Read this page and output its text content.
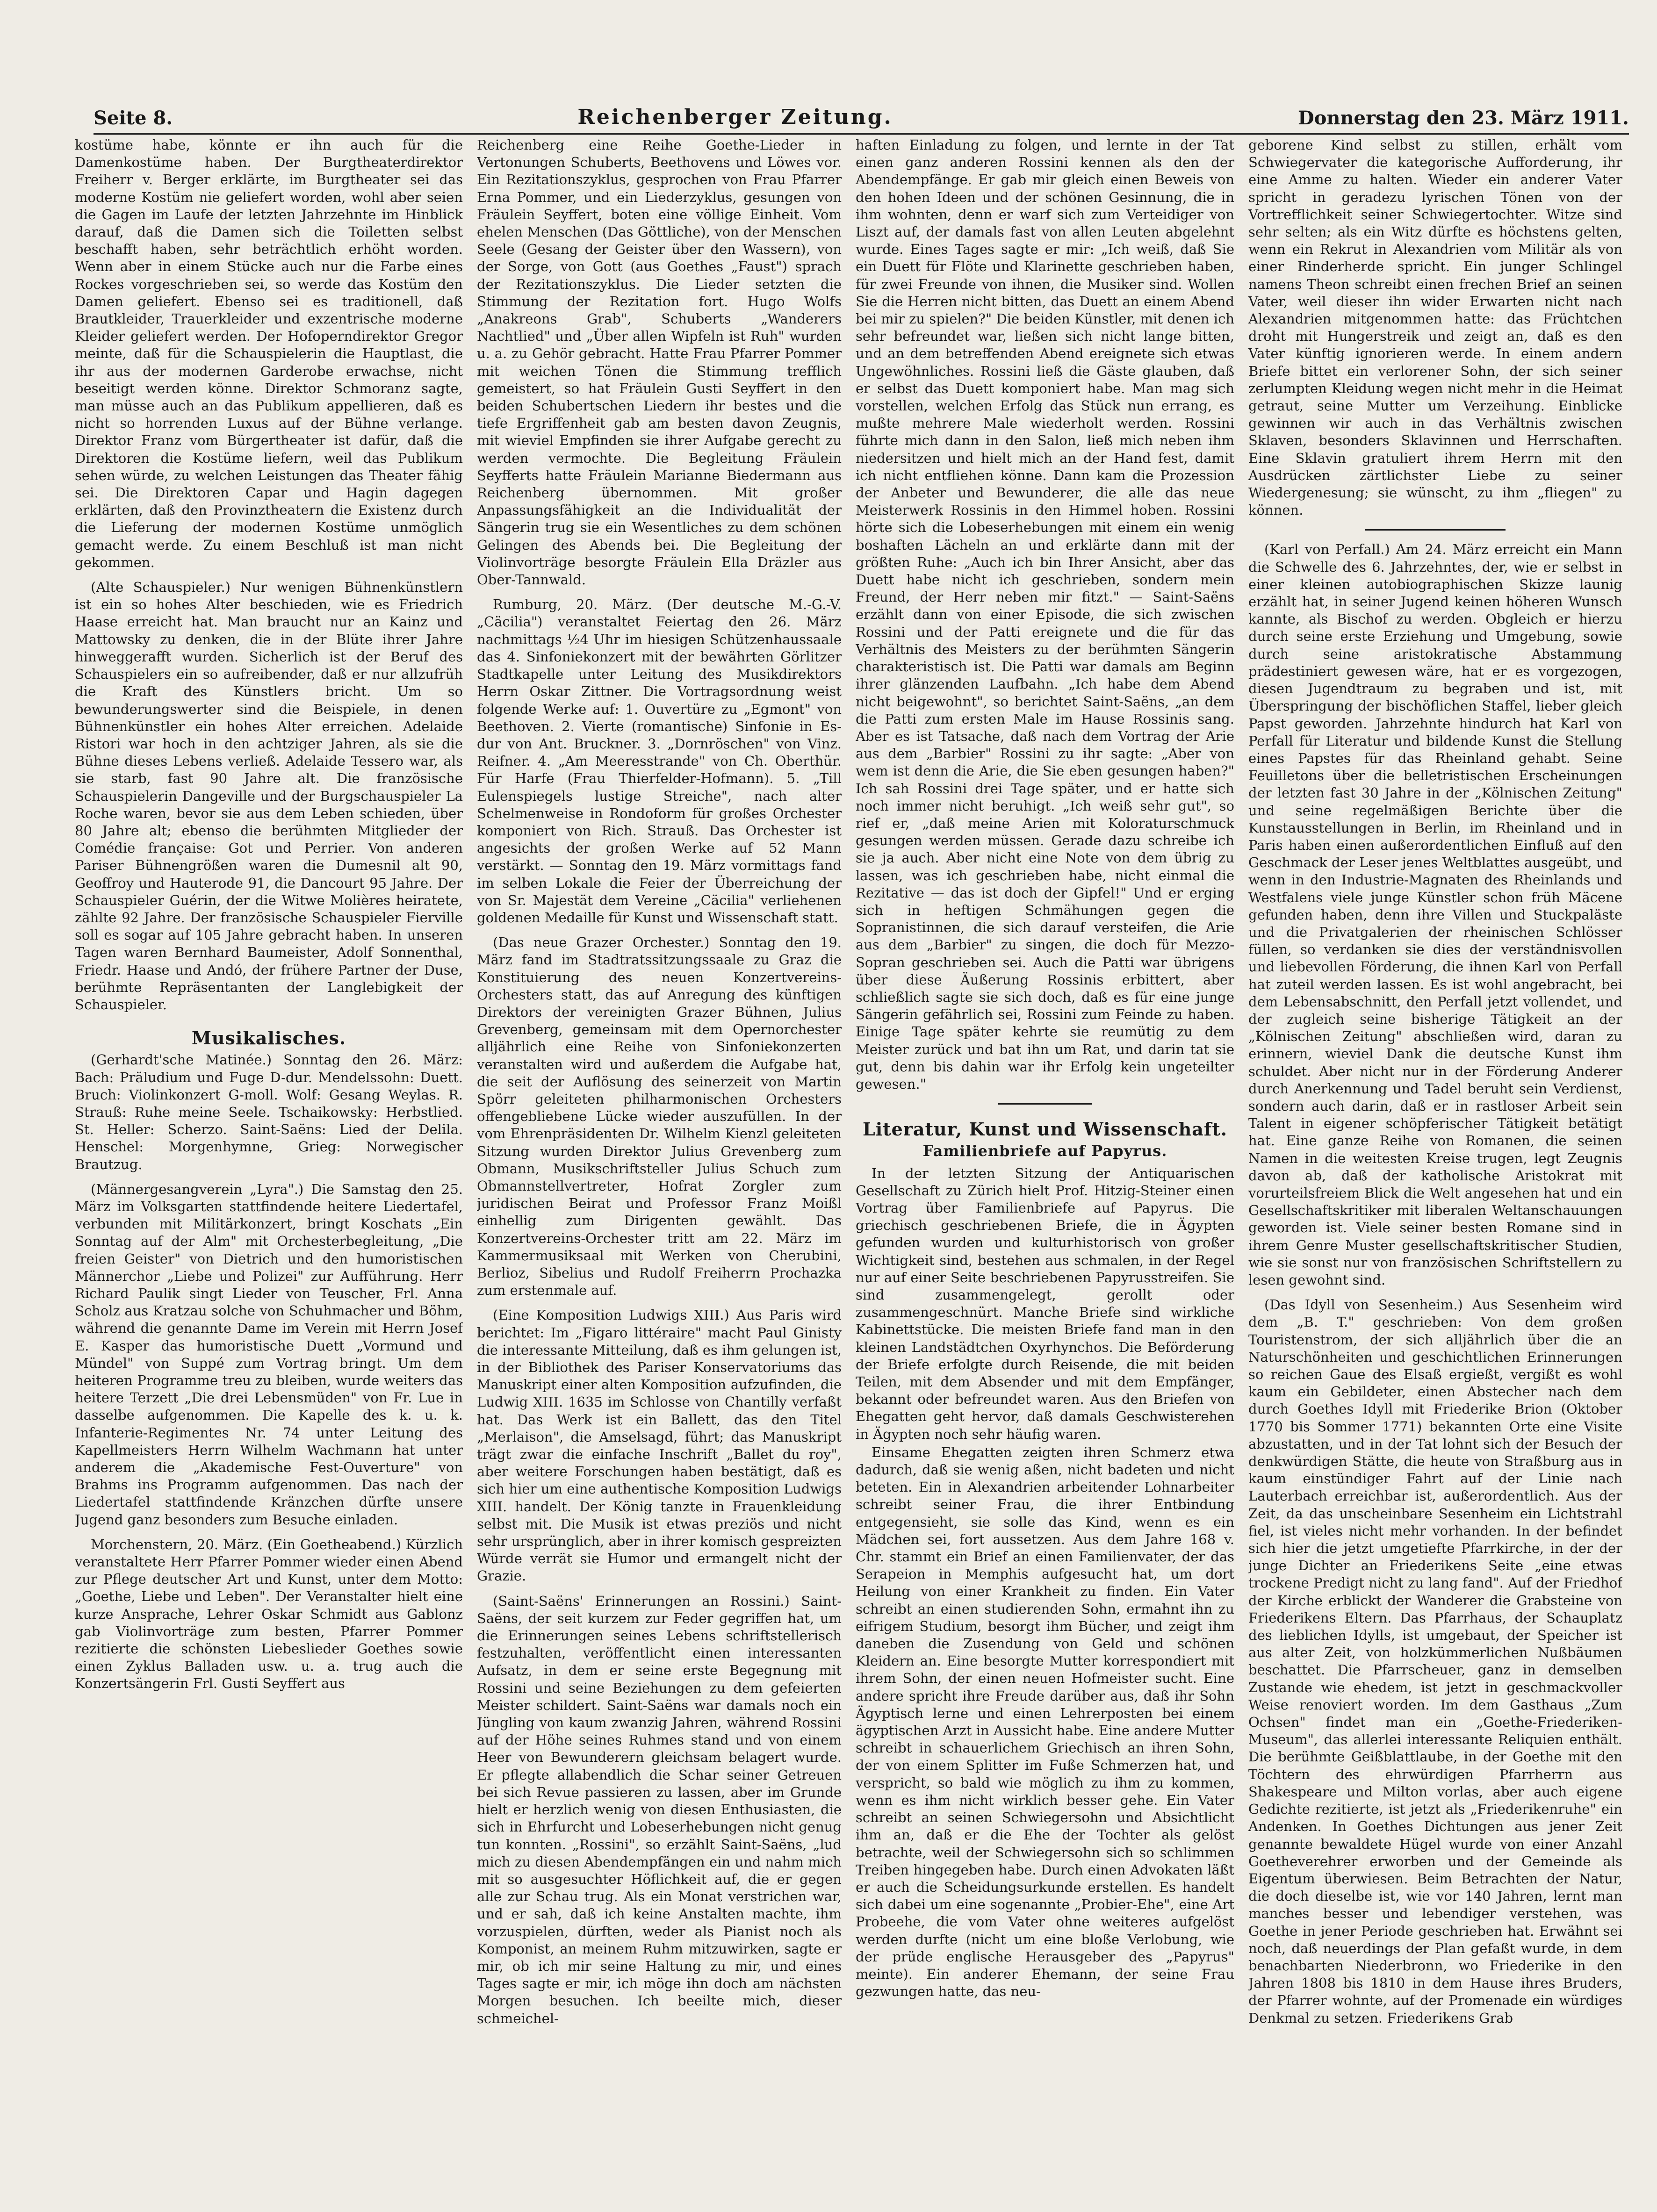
Seite 8.	Reichenberger Zeitung.	Donnerstag den 23. März 1911.

kostüme habe, könnte er ihn auch für die Damenkostüme haben. Der Burgtheaterdirektor Freiherr v. Berger erklärte, im Burgtheater sei das moderne Kostüm nie geliefert worden, wohl aber seien die Gagen im Laufe der letzten Jahrzehnte im Hinblick darauf, daß die Damen sich die Toiletten selbst beschafft haben, sehr beträchtlich erhöht worden. Wenn aber in einem Stücke auch nur die Farbe eines Rockes vorgeschrieben sei, so werde das Kostüm den Damen geliefert. Ebenso sei es traditionell, daß Brautkleider, Trauerkleider und exzentrische moderne Kleider geliefert werden. Der Hofoperndirektor Gregor meinte, daß für die Schauspielerin die Hauptlast, die ihr aus der modernen Garderobe erwachse, nicht beseitigt werden könne. Direktor Schmoranz sagte, man müsse auch an das Publikum appellieren, daß es nicht so horrenden Luxus auf der Bühne verlange. Direktor Franz vom Bürgertheater ist dafür, daß die Direktoren die Kostüme liefern, weil das Publikum sehen würde, zu welchen Leistungen das Theater fähig sei. Die Direktoren Capar und Hagin dagegen erklärten, daß den Provinztheatern die Existenz durch die Lieferung der modernen Kostüme unmöglich gemacht werde. Zu einem Beschluß ist man nicht gekommen.

(Alte Schauspieler.) Nur wenigen Bühnenkünstlern ist ein so hohes Alter beschieden, wie es Friedrich Haase erreicht hat. Man braucht nur an Kainz und Mattowsky zu denken, die in der Blüte ihrer Jahre hinweggerafft wurden. Sicherlich ist der Beruf des Schauspielers ein so aufreibender, daß er nur allzufrüh die Kraft des Künstlers bricht. Um so bewunderungswerter sind die Beispiele, in denen Bühnenkünstler ein hohes Alter erreichen. Adelaide Ristori war hoch in den achtziger Jahren, als sie die Bühne dieses Lebens verließ. Adelaide Tessero war, als sie starb, fast 90 Jahre alt. Die französische Schauspielerin Dangeville und der Burgschauspieler La Roche waren, bevor sie aus dem Leben schieden, über 80 Jahre alt; ebenso die berühmten Mitglieder der Comédie française: Got und Perrier. Von anderen Pariser Bühnengrößen waren die Dumesnil alt 90, Geoffroy und Hauterode 91, die Dancourt 95 Jahre. Der Schauspieler Guérin, der die Witwe Molières heiratete, zählte 92 Jahre. Der französische Schauspieler Fierville soll es sogar auf 105 Jahre gebracht haben. In unseren Tagen waren Bernhard Baumeister, Adolf Sonnenthal, Friedr. Haase und Andó, der frühere Partner der Duse, berühmte Repräsentanten der Langlebigkeit der Schauspieler.

Musikalisches.

(Gerhardt'sche Matinée.) Sonntag den 26. März: Bach: Präludium und Fuge D-dur. Mendelssohn: Duett. Bruch: Violinkonzert G-moll. Wolf: Gesang Weylas. R. Strauß: Ruhe meine Seele. Tschaikowsky: Herbstlied. St. Heller: Scherzo. Saint-Saëns: Lied der Delila. Henschel: Morgenhymne, Grieg: Norwegischer Brautzug.

(Männergesangverein „Lyra".) Die Samstag den 25. März im Volksgarten stattfindende heitere Liedertafel, verbunden mit Militärkonzert, bringt Koschats „Ein Sonntag auf der Alm" mit Orchesterbegleitung, „Die freien Geister" von Dietrich und den humoristischen Männerchor „Liebe und Polizei" zur Aufführung. Herr Richard Paulik singt Lieder von Teuscher, Frl. Anna Scholz aus Kratzau solche von Schuhmacher und Böhm, während die genannte Dame im Verein mit Herrn Josef E. Kasper das humoristische Duett „Vormund und Mündel" von Suppé zum Vortrag bringt. Um dem heiteren Programme treu zu bleiben, wurde weiters das heitere Terzett „Die drei Lebensmüden" von Fr. Lue in dasselbe aufgenommen. Die Kapelle des k. u. k. Infanterie-Regimentes Nr. 74 unter Leitung des Kapellmeisters Herrn Wilhelm Wachmann hat unter anderem die „Akademische Fest-Ouverture" von Brahms ins Programm aufgenommen. Das nach der Liedertafel stattfindende Kränzchen dürfte unsere Jugend ganz besonders zum Besuche einladen.

Morchenstern, 20. März. (Ein Goetheabend.) Kürzlich veranstaltete Herr Pfarrer Pommer wieder einen Abend zur Pflege deutscher Art und Kunst, unter dem Motto: „Goethe, Liebe und Leben". Der Veranstalter hielt eine kurze Ansprache, Lehrer Oskar Schmidt aus Gablonz gab Violinvorträge zum besten, Pfarrer Pommer rezitierte die schönsten Liebeslieder Goethes sowie einen Zyklus Balladen usw. u. a. trug auch die Konzertsängerin Frl. Gusti Seyffert aus

Reichenberg eine Reihe Goethe-Lieder in Vertonungen Schuberts, Beethovens und Löwes vor. Ein Rezitationszyklus, gesprochen von Frau Pfarrer Erna Pommer, und ein Liederzyklus, gesungen von Fräulein Seyffert, boten eine völlige Einheit. Vom ehelen Menschen (Das Göttliche), von der Menschen Seele (Gesang der Geister über den Wassern), von der Sorge, von Gott (aus Goethes „Faust") sprach der Rezitationszyklus. Die Lieder setzten die Stimmung der Rezitation fort. Hugo Wolfs „Anakreons Grab", Schuberts „Wanderers Nachtlied" und „Über allen Wipfeln ist Ruh" wurden u. a. zu Gehör gebracht. Hatte Frau Pfarrer Pommer mit weichen Tönen die Stimmung trefflich gemeistert, so hat Fräulein Gusti Seyffert in den beiden Schubertschen Liedern ihr bestes und die tiefe Ergriffenheit gab am besten davon Zeugnis, mit wieviel Empfinden sie ihrer Aufgabe gerecht zu werden vermochte. Die Begleitung Fräulein Seyfferts hatte Fräulein Marianne Biedermann aus Reichenberg übernommen. Mit großer Anpassungsfähigkeit an die Individualität der Sängerin trug sie ein Wesentliches zu dem schönen Gelingen des Abends bei. Die Begleitung der Violinvorträge besorgte Fräulein Ella Dräzler aus Ober-Tannwald.

Rumburg, 20. März. (Der deutsche M.-G.-V. „Cäcilia") veranstaltet Feiertag den 26. März nachmittags ½4 Uhr im hiesigen Schützenhaussaale das 4. Sinfoniekonzert mit der bewährten Görlitzer Stadtkapelle unter Leitung des Musikdirektors Herrn Oskar Zittner. Die Vortragsordnung weist folgende Werke auf: 1. Ouvertüre zu „Egmont" von Beethoven. 2. Vierte (romantische) Sinfonie in Es-dur von Ant. Bruckner. 3. „Dornröschen" von Vinz. Reifner. 4. „Am Meeresstrande" von Ch. Oberthür. Für Harfe (Frau Thierfelder-Hofmann). 5. „Till Eulenspiegels lustige Streiche", nach alter Schelmenweise in Rondoform für großes Orchester komponiert von Rich. Strauß. Das Orchester ist angesichts der großen Werke auf 52 Mann verstärkt. — Sonntag den 19. März vormittags fand im selben Lokale die Feier der Überreichung der von Sr. Majestät dem Vereine „Cäcilia" verliehenen goldenen Medaille für Kunst und Wissenschaft statt.

(Das neue Grazer Orchester.) Sonntag den 19. März fand im Stadtratssitzungssaale zu Graz die Konstituierung des neuen Konzertvereins-Orchesters statt, das auf Anregung des künftigen Direktors der vereinigten Grazer Bühnen, Julius Grevenberg, gemeinsam mit dem Opernorchester alljährlich eine Reihe von Sinfoniekonzerten veranstalten wird und außerdem die Aufgabe hat, die seit der Auflösung des seinerzeit von Martin Spörr geleiteten philharmonischen Orchesters offengebliebene Lücke wieder auszufüllen. In der vom Ehrenpräsidenten Dr. Wilhelm Kienzl geleiteten Sitzung wurden Direktor Julius Grevenberg zum Obmann, Musikschriftsteller Julius Schuch zum Obmannstellvertreter, Hofrat Zorgler zum juridischen Beirat und Professor Franz Moißl einhellig zum Dirigenten gewählt. Das Konzertvereins-Orchester tritt am 22. März im Kammermusiksaal mit Werken von Cherubini, Berlioz, Sibelius und Rudolf Freiherrn Prochazka zum erstenmale auf.

(Eine Komposition Ludwigs XIII.) Aus Paris wird berichtet: Im „Figaro littéraire" macht Paul Ginisty die interessante Mitteilung, daß es ihm gelungen ist, in der Bibliothek des Pariser Konservatoriums das Manuskript einer alten Komposition aufzufinden, die Ludwig XIII. 1635 im Schlosse von Chantilly verfaßt hat. Das Werk ist ein Ballett, das den Titel „Merlaison", die Amselsagd, führt; das Manuskript trägt zwar die einfache Inschrift „Ballet du roy", aber weitere Forschungen haben bestätigt, daß es sich hier um eine authentische Komposition Ludwigs XIII. handelt. Der König tanzte in Frauenkleidung selbst mit. Die Musik ist etwas preziös und nicht sehr ursprünglich, aber in ihrer komisch gespreizten Würde verrät sie Humor und ermangelt nicht der Grazie.

(Saint-Saëns' Erinnerungen an Rossini.) Saint-Saëns, der seit kurzem zur Feder gegriffen hat, um die Erinnerungen seines Lebens schriftstellerisch festzuhalten, veröffentlicht einen interessanten Aufsatz, in dem er seine erste Begegnung mit Rossini und seine Beziehungen zu dem gefeierten Meister schildert. Saint-Saëns war damals noch ein Jüngling von kaum zwanzig Jahren, während Rossini auf der Höhe seines Ruhmes stand und von einem Heer von Bewunderern gleichsam belagert wurde. Er pflegte allabendlich die Schar seiner Getreuen bei sich Revue passieren zu lassen, aber im Grunde hielt er herzlich wenig von diesen Enthusiasten, die sich in Ehrfurcht und Lobeserhebungen nicht genug tun konnten. „Rossini", so erzählt Saint-Saëns, „lud mich zu diesen Abendempfängen ein und nahm mich mit so ausgesuchter Höflichkeit auf, die er gegen alle zur Schau trug. Als ein Monat verstrichen war, und er sah, daß ich keine Anstalten machte, ihm vorzuspielen, dürften, weder als Pianist noch als Komponist, an meinem Ruhm mitzuwirken, sagte er mir, ob ich mir seine Haltung zu mir, und eines Tages sagte er mir, ich möge ihn doch am nächsten Morgen besuchen. Ich beeilte mich, dieser schmeichel-

haften Einladung zu folgen, und lernte in der Tat einen ganz anderen Rossini kennen als den der Abendempfänge. Er gab mir gleich einen Beweis von den hohen Ideen und der schönen Gesinnung, die in ihm wohnten, denn er warf sich zum Verteidiger von Liszt auf, der damals fast von allen Leuten abgelehnt wurde. Eines Tages sagte er mir: „Ich weiß, daß Sie ein Duett für Flöte und Klarinette geschrieben haben, für zwei Freunde von ihnen, die Musiker sind. Wollen Sie die Herren nicht bitten, das Duett an einem Abend bei mir zu spielen?" Die beiden Künstler, mit denen ich sehr befreundet war, ließen sich nicht lange bitten, und an dem betreffenden Abend ereignete sich etwas Ungewöhnliches. Rossini ließ die Gäste glauben, daß er selbst das Duett komponiert habe. Man mag sich vorstellen, welchen Erfolg das Stück nun errang, es mußte mehrere Male wiederholt werden. Rossini führte mich dann in den Salon, ließ mich neben ihm niedersitzen und hielt mich an der Hand fest, damit ich nicht entfliehen könne. Dann kam die Prozession der Anbeter und Bewunderer, die alle das neue Meisterwerk Rossinis in den Himmel hoben. Rossini hörte sich die Lobeserhebungen mit einem ein wenig boshaften Lächeln an und erklärte dann mit der größten Ruhe: „Auch ich bin Ihrer Ansicht, aber das Duett habe nicht ich geschrieben, sondern mein Freund, der Herr neben mir fitzt." — Saint-Saëns erzählt dann von einer Episode, die sich zwischen Rossini und der Patti ereignete und die für das Verhältnis des Meisters zu der berühmten Sängerin charakteristisch ist. Die Patti war damals am Beginn ihrer glänzenden Laufbahn. „Ich habe dem Abend nicht beigewohnt", so berichtet Saint-Saëns, „an dem die Patti zum ersten Male im Hause Rossinis sang. Aber es ist Tatsache, daß nach dem Vortrag der Arie aus dem „Barbier" Rossini zu ihr sagte: „Aber von wem ist denn die Arie, die Sie eben gesungen haben?" Ich sah Rossini drei Tage später, und er hatte sich noch immer nicht beruhigt. „Ich weiß sehr gut", so rief er, „daß meine Arien mit Koloraturschmuck gesungen werden müssen. Gerade dazu schreibe ich sie ja auch. Aber nicht eine Note von dem übrig zu lassen, was ich geschrieben habe, nicht einmal die Rezitative — das ist doch der Gipfel!" Und er erging sich in heftigen Schmähungen gegen die Sopranistinnen, die sich darauf versteifen, die Arie aus dem „Barbier" zu singen, die doch für Mezzo-Sopran geschrieben sei. Auch die Patti war übrigens über diese Äußerung Rossinis erbittert, aber schließlich sagte sie sich doch, daß es für eine junge Sängerin gefährlich sei, Rossini zum Feinde zu haben. Einige Tage später kehrte sie reumütig zu dem Meister zurück und bat ihn um Rat, und darin tat sie gut, denn bis dahin war ihr Erfolg kein ungeteilter gewesen."

Literatur, Kunst und Wissenschaft.
Familienbriefe auf Papyrus.

In der letzten Sitzung der Antiquarischen Gesellschaft zu Zürich hielt Prof. Hitzig-Steiner einen Vortrag über Familienbriefe auf Papyrus. Die griechisch geschriebenen Briefe, die in Ägypten gefunden wurden und kulturhistorisch von großer Wichtigkeit sind, bestehen aus schmalen, in der Regel nur auf einer Seite beschriebenen Papyrusstreifen. Sie sind zusammengelegt, gerollt oder zusammengeschnürt. Manche Briefe sind wirkliche Kabinettstücke. Die meisten Briefe fand man in den kleinen Landstädtchen Oxyrhynchos. Die Beförderung der Briefe erfolgte durch Reisende, die mit beiden Teilen, mit dem Absender und mit dem Empfänger, bekannt oder befreundet waren. Aus den Briefen von Ehegatten geht hervor, daß damals Geschwisterehen in Ägypten noch sehr häufig waren.

Einsame Ehegatten zeigten ihren Schmerz etwa dadurch, daß sie wenig aßen, nicht badeten und nicht beteten. Ein in Alexandrien arbeitender Lohnarbeiter schreibt seiner Frau, die ihrer Entbindung entgegensieht, sie solle das Kind, wenn es ein Mädchen sei, fort aussetzen. Aus dem Jahre 168 v. Chr. stammt ein Brief an einen Familienvater, der das Serapeion in Memphis aufgesucht hat, um dort Heilung von einer Krankheit zu finden. Ein Vater schreibt an einen studierenden Sohn, ermahnt ihn zu eifrigem Studium, besorgt ihm Bücher, und zeigt ihm daneben die Zusendung von Geld und schönen Kleidern an. Eine besorgte Mutter korrespondiert mit ihrem Sohn, der einen neuen Hofmeister sucht. Eine andere spricht ihre Freude darüber aus, daß ihr Sohn Ägyptisch lerne und einen Lehrerposten bei einem ägyptischen Arzt in Aussicht habe. Eine andere Mutter schreibt in schauerlichem Griechisch an ihren Sohn, der von einem Splitter im Fuße Schmerzen hat, und verspricht, so bald wie möglich zu ihm zu kommen, wenn es ihm nicht wirklich besser gehe. Ein Vater schreibt an seinen Schwiegersohn und Absichtlicht ihm an, daß er die Ehe der Tochter als gelöst betrachte, weil der Schwiegersohn sich so schlimmen Treiben hingegeben habe. Durch einen Advokaten läßt er auch die Scheidungsurkunde erstellen. Es handelt sich dabei um eine sogenannte „Probier-Ehe", eine Art Probeehe, die vom Vater ohne weiteres aufgelöst werden durfte (nicht um eine bloße Verlobung, wie der prüde englische Herausgeber des „Papyrus" meinte). Ein anderer Ehemann, der seine Frau gezwungen hatte, das neu-

geborene Kind selbst zu stillen, erhält vom Schwiegervater die kategorische Aufforderung, ihr eine Amme zu halten. Wieder ein anderer Vater spricht in geradezu lyrischen Tönen von der Vortrefflichkeit seiner Schwiegertochter. Witze sind sehr selten; als ein Witz dürfte es höchstens gelten, wenn ein Rekrut in Alexandrien vom Militär als von einer Rinderherde spricht. Ein junger Schlingel namens Theon schreibt einen frechen Brief an seinen Vater, weil dieser ihn wider Erwarten nicht nach Alexandrien mitgenommen hatte: das Früchtchen droht mit Hungerstreik und zeigt an, daß es den Vater künftig ignorieren werde. In einem andern Briefe bittet ein verlorener Sohn, der sich seiner zerlumpten Kleidung wegen nicht mehr in die Heimat getraut, seine Mutter um Verzeihung. Einblicke gewinnen wir auch in das Verhältnis zwischen Sklaven, besonders Sklavinnen und Herrschaften. Eine Sklavin gratuliert ihrem Herrn mit den Ausdrücken zärtlichster Liebe zu seiner Wiedergenesung; sie wünscht, zu ihm „fliegen" zu können.

(Karl von Perfall.) Am 24. März erreicht ein Mann die Schwelle des 6. Jahrzehntes, der, wie er selbst in einer kleinen autobiographischen Skizze launig erzählt hat, in seiner Jugend keinen höheren Wunsch kannte, als Bischof zu werden. Obgleich er hierzu durch seine erste Erziehung und Umgebung, sowie durch seine aristokratische Abstammung prädestiniert gewesen wäre, hat er es vorgezogen, diesen Jugendtraum zu begraben und ist, mit Überspringung der bischöflichen Staffel, lieber gleich Papst geworden. Jahrzehnte hindurch hat Karl von Perfall für Literatur und bildende Kunst die Stellung eines Papstes für das Rheinland gehabt. Seine Feuilletons über die belletristischen Erscheinungen der letzten fast 30 Jahre in der „Kölnischen Zeitung" und seine regelmäßigen Berichte über die Kunstausstellungen in Berlin, im Rheinland und in Paris haben einen außerordentlichen Einfluß auf den Geschmack der Leser jenes Weltblattes ausgeübt, und wenn in den Industrie-Magnaten des Rheinlands und Westfalens viele junge Künstler schon früh Mäcene gefunden haben, denn ihre Villen und Stuckpaläste und die Privatgalerien der rheinischen Schlösser füllen, so verdanken sie dies der verständnisvollen und liebevollen Förderung, die ihnen Karl von Perfall hat zuteil werden lassen. Es ist wohl angebracht, bei dem Lebensabschnitt, den Perfall jetzt vollendet, und der zugleich seine bisherige Tätigkeit an der „Kölnischen Zeitung" abschließen wird, daran zu erinnern, wieviel Dank die deutsche Kunst ihm schuldet. Aber nicht nur in der Förderung Anderer durch Anerkennung und Tadel beruht sein Verdienst, sondern auch darin, daß er in rastloser Arbeit sein Talent in eigener schöpferischer Tätigkeit betätigt hat. Eine ganze Reihe von Romanen, die seinen Namen in die weitesten Kreise trugen, legt Zeugnis davon ab, daß der katholische Aristokrat mit vorurteilsfreiem Blick die Welt angesehen hat und ein Gesellschaftskritiker mit liberalen Weltanschauungen geworden ist. Viele seiner besten Romane sind in ihrem Genre Muster gesellschaftskritischer Studien, wie sie sonst nur von französischen Schriftstellern zu lesen gewohnt sind.

(Das Idyll von Sesenheim.) Aus Sesenheim wird dem „B. T." geschrieben: Von dem großen Touristenstrom, der sich alljährlich über die an Naturschönheiten und geschichtlichen Erinnerungen so reichen Gaue des Elsaß ergießt, vergißt es wohl kaum ein Gebildeter, einen Abstecher nach dem durch Goethes Idyll mit Friederike Brion (Oktober 1770 bis Sommer 1771) bekannten Orte eine Visite abzustatten, und in der Tat lohnt sich der Besuch der denkwürdigen Stätte, die heute von Straßburg aus in kaum einstündiger Fahrt auf der Linie nach Lauterbach erreichbar ist, außerordentlich. Aus der Zeit, da das unscheinbare Sesenheim ein Lichtstrahl fiel, ist vieles nicht mehr vorhanden. In der befindet sich hier die jetzt umgetiefte Pfarrkirche, in der der junge Dichter an Friederikens Seite „eine etwas trockene Predigt nicht zu lang fand". Auf der Friedhof der Kirche erblickt der Wanderer die Grabsteine von Friederikens Eltern. Das Pfarrhaus, der Schauplatz des lieblichen Idylls, ist umgebaut, der Speicher ist aus alter Zeit, von holzkümmerlichen Nußbäumen beschattet. Die Pfarrscheuer, ganz in demselben Zustande wie ehedem, ist jetzt in geschmackvoller Weise renoviert worden. Im dem Gasthaus „Zum Ochsen" findet man ein „Goethe-Friederiken-Museum", das allerlei interessante Reliquien enthält. Die berühmte Geißblattlaube, in der Goethe mit den Töchtern des ehrwürdigen Pfarrherrn aus Shakespeare und Milton vorlas, aber auch eigene Gedichte rezitierte, ist jetzt als „Friederikenruhe" ein Andenken. In Goethes Dichtungen aus jener Zeit genannte bewaldete Hügel wurde von einer Anzahl Goetheverehrer erworben und der Gemeinde als Eigentum überwiesen. Beim Betrachten der Natur, die doch dieselbe ist, wie vor 140 Jahren, lernt man manches besser und lebendiger verstehen, was Goethe in jener Periode geschrieben hat. Erwähnt sei noch, daß neuerdings der Plan gefaßt wurde, in dem benachbarten Niederbronn, wo Friederike in den Jahren 1808 bis 1810 in dem Hause ihres Bruders, der Pfarrer wohnte, auf der Promenade ein würdiges Denkmal zu setzen. Friederikens Grab
